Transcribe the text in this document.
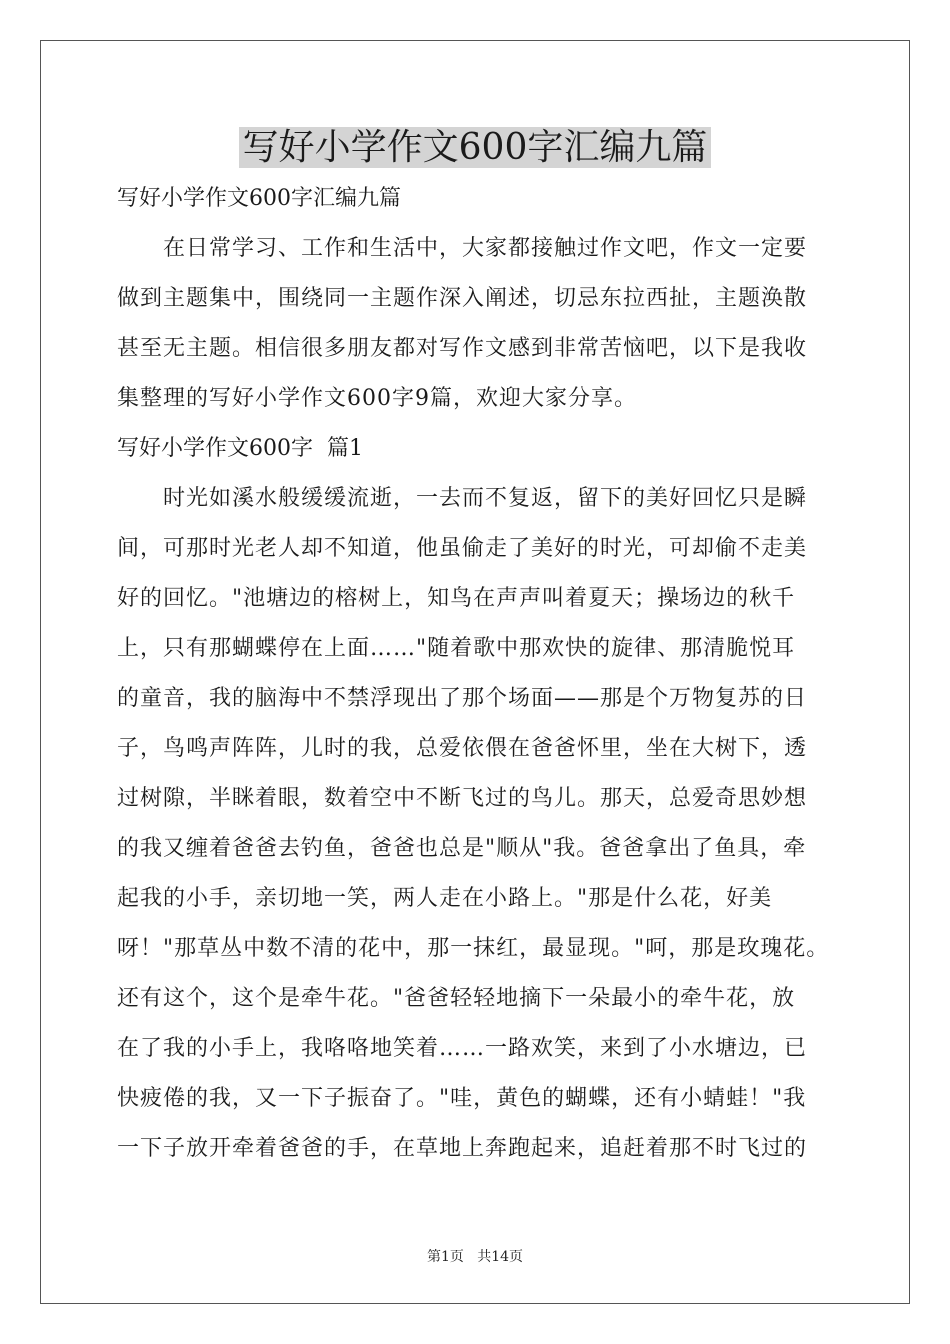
写好小学作文600字汇编九篇
写好小学作文600字汇编九篇
在日常学习、工作和生活中，大家都接触过作文吧，作文一定要
做到主题集中，围绕同一主题作深入阐述，切忌东拉西扯，主题涣散
甚至无主题。相信很多朋友都对写作文感到非常苦恼吧，以下是我收
集整理的写好小学作文600字9篇，欢迎大家分享。
写好小学作文600字  篇1
时光如溪水般缓缓流逝，一去而不复返，留下的美好回忆只是瞬
间，可那时光老人却不知道，他虽偷走了美好的时光，可却偷不走美
好的回忆。"池塘边的榕树上，知鸟在声声叫着夏天；操场边的秋千
上，只有那蝴蝶停在上面……"随着歌中那欢快的旋律、那清脆悦耳
的童音，我的脑海中不禁浮现出了那个场面——那是个万物复苏的日
子，鸟鸣声阵阵，儿时的我，总爱依偎在爸爸怀里，坐在大树下，透
过树隙，半眯着眼，数着空中不断飞过的鸟儿。那天，总爱奇思妙想
的我又缠着爸爸去钓鱼，爸爸也总是"顺从"我。爸爸拿出了鱼具，牵
起我的小手，亲切地一笑，两人走在小路上。"那是什么花，好美
呀！"那草丛中数不清的花中，那一抹红，最显现。"呵，那是玫瑰花。
还有这个，这个是牵牛花。"爸爸轻轻地摘下一朵最小的牵牛花，放
在了我的小手上，我咯咯地笑着……一路欢笑，来到了小水塘边，已
快疲倦的我，又一下子振奋了。"哇，黄色的蝴蝶，还有小蜻蛙！"我
一下子放开牵着爸爸的手，在草地上奔跑起来，追赶着那不时飞过的
第1页   共14页
